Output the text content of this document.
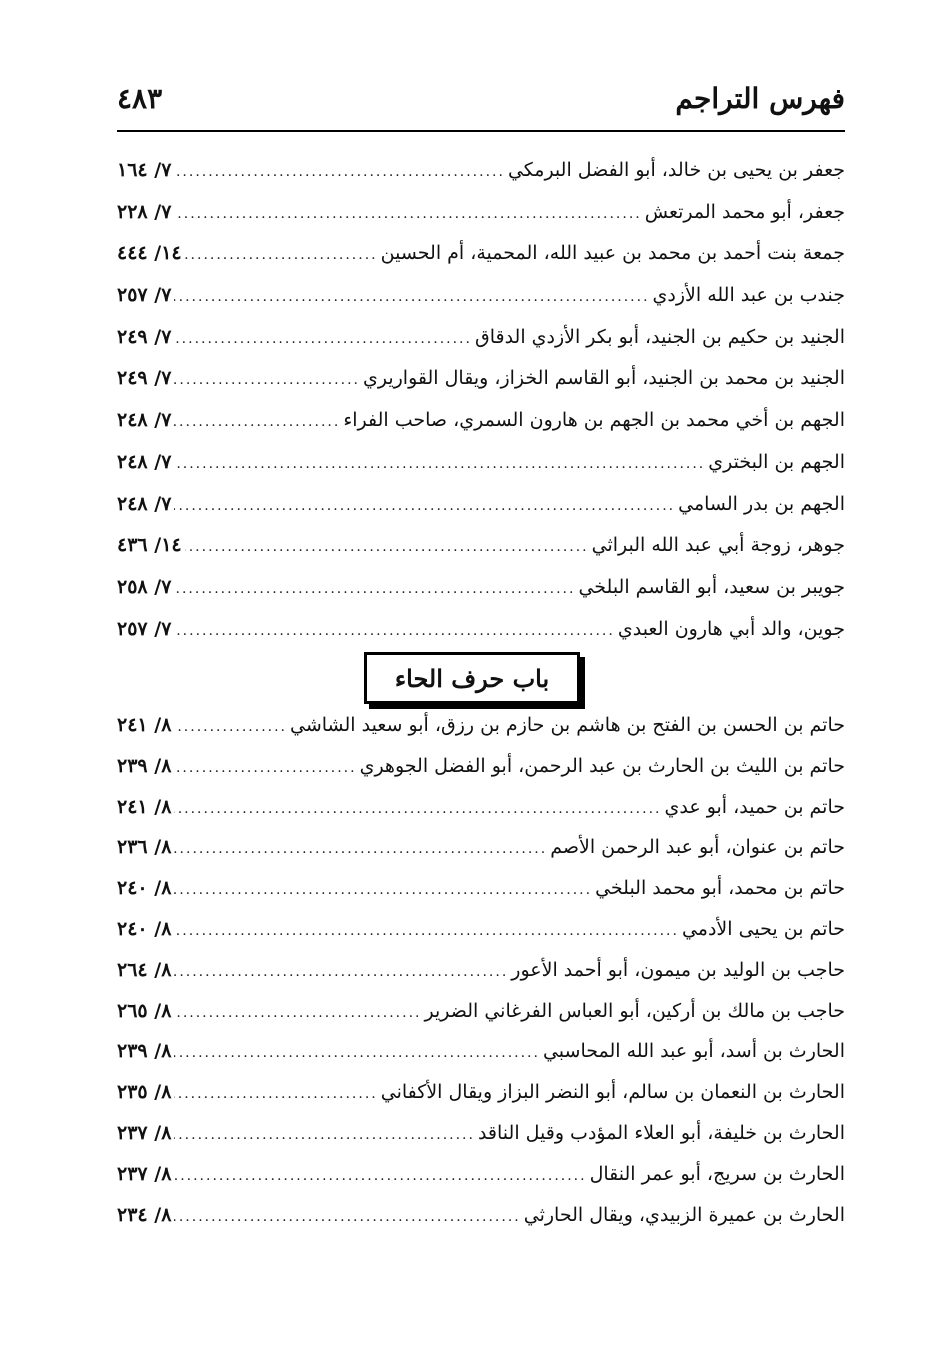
فهرس التراجم
٤٨٣
جعفر بن يحيى بن خالد، أبو الفضل البرمكي
.....
٧/ ١٦٤
جعفر، أبو محمد المرتعش
.....
٧/ ٢٢٨
جمعة بنت أحمد بن محمد بن عبيد الله، المحمية، أم الحسين
.....
١٤/ ٤٤٤
جندب بن عبد الله الأزدي
.....
٧/ ٢٥٧
الجنيد بن حكيم بن الجنيد، أبو بكر الأزدي الدقاق
.....
٧/ ٢٤٩
الجنيد بن محمد بن الجنيد، أبو القاسم الخزاز، ويقال القواريري
.....
٧/ ٢٤٩
الجهم بن أخي محمد بن الجهم بن هارون السمري، صاحب الفراء
.....
٧/ ٢٤٨
الجهم بن البختري
.....
٧/ ٢٤٨
الجهم بن بدر السامي
.....
٧/ ٢٤٨
جوهر، زوجة أبي عبد الله البراثي
.....
١٤/ ٤٣٦
جويبر بن سعيد، أبو القاسم البلخي
.....
٧/ ٢٥٨
جوين، والد أبي هارون العبدي
.....
٧/ ٢٥٧
باب حرف الحاء
حاتم بن الحسن بن الفتح بن هاشم بن حازم بن رزق، أبو سعيد الشاشي
.....
٨/ ٢٤١
حاتم بن الليث بن الحارث بن عبد الرحمن، أبو الفضل الجوهري
.....
٨/ ٢٣٩
حاتم بن حميد، أبو عدي
.....
٨/ ٢٤١
حاتم بن عنوان، أبو عبد الرحمن الأصم
.....
٨/ ٢٣٦
حاتم بن محمد، أبو محمد البلخي
.....
٨/ ٢٤٠
حاتم بن يحيى الأدمي
.....
٨/ ٢٤٠
حاجب بن الوليد بن ميمون، أبو أحمد الأعور
.....
٨/ ٢٦٤
حاجب بن مالك بن أركين، أبو العباس الفرغاني الضرير
.....
٨/ ٢٦٥
الحارث بن أسد، أبو عبد الله المحاسبي
.....
٨/ ٢٣٩
الحارث بن النعمان بن سالم، أبو النضر البزاز ويقال الأكفاني
.....
٨/ ٢٣٥
الحارث بن خليفة، أبو العلاء المؤدب وقيل الناقد
.....
٨/ ٢٣٧
الحارث بن سريج، أبو عمر النقال
.....
٨/ ٢٣٧
الحارث بن عميرة الزبيدي، ويقال الحارثي
.....
٨/ ٢٣٤
